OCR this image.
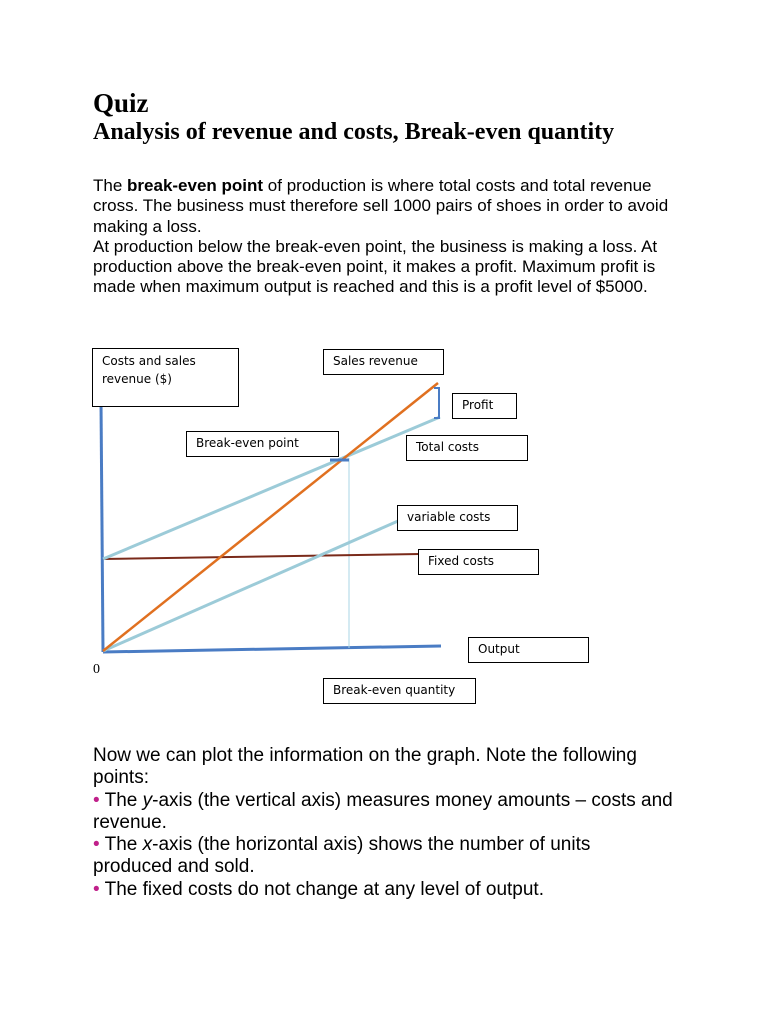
Quiz
Analysis of revenue and costs, Break-even quantity

The break-even point of production is where total costs and total revenue cross. The business must therefore sell 1000 pairs of shoes in order to avoid making a loss.

At production below the break-even point, the business is making a loss. At production above the break-even point, it makes a profit. Maximum profit is made when maximum output is reached and this is a profit level of $5000.

Costs and sales revenue ($)
Sales revenue
Profit
Break-even point	Total costs
variable costs
Fixed costs
Output
0
Break-even quantity

Now we can plot the information on the graph. Note the following points:

• The y-axis (the vertical axis) measures money amounts – costs and revenue.

• The x-axis (the horizontal axis) shows the number of units produced and sold.

• The fixed costs do not change at any level of output.
